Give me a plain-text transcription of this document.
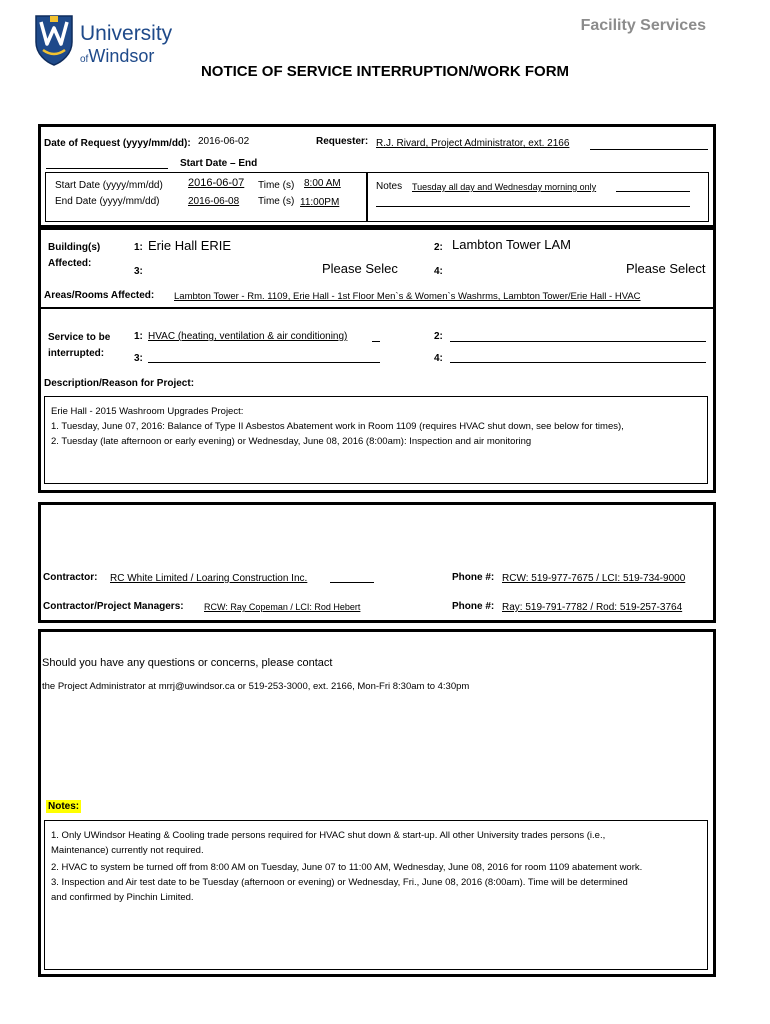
University
ofWindsor
Facility Services
NOTICE OF SERVICE INTERRUPTION/WORK FORM
Date of Request (yyyy/mm/dd): 2016-06-02	Requester: R.J. Rivard, Project Administrator, ext. 2166
Start Date – End
Start Date (yyyy/mm/dd) 2016-06-07 Time (s) 8:00 AM
End Date (yyyy/mm/dd)	2016-06-08 Time (s) 11:00PM
Notes Tuesday all day and Wednesday morning only
Building(s)
Affected:
1: Erie Hall ERIE	2: Lambton Tower LAM
3:	Please Selec	4:	Please Select
Areas/Rooms Affected: Lambton Tower - Rm. 1109, Erie Hall - 1st Floor Men`s & Women`s Washrms, Lambton Tower/Erie Hall - HVAC
Service to be
interrupted:
1: HVAC (heating, ventilation & air conditioning)	2:
3:	4:
Description/Reason for Project:
Erie Hall - 2015 Washroom Upgrades Project:
1. Tuesday, June 07, 2016: Balance of Type II Asbestos Abatement work in Room 1109 (requires HVAC shut down, see below for times),
2. Tuesday (late afternoon or early evening) or Wednesday, June 08, 2016 (8:00am): Inspection and air monitoring
Contractor: RC White Limited / Loaring Construction Inc.	Phone #: RCW: 519-977-7675 / LCI: 519-734-9000
Contractor/Project Managers: RCW: Ray Copeman / LCI: Rod Hebert	Phone #: Ray: 519-791-7782 / Rod: 519-257-3764
Should you have any questions or concerns, please contact
the Project Administrator at mrrj@uwindsor.ca or 519-253-3000, ext. 2166, Mon-Fri 8:30am to 4:30pm
Notes:
1. Only UWindsor Heating & Cooling trade persons required for HVAC shut down & start-up. All other University trades persons (i.e.,
Maintenance) currently not required.
2. HVAC to system be turned off from 8:00 AM on Tuesday, June 07 to 11:00 AM, Wednesday, June 08, 2016 for room 1109 abatement work.
3. Inspection and Air test date to be Tuesday (afternoon or evening) or Wednesday, Fri., June 08, 2016 (8:00am). Time will be determined
and confirmed by Pinchin Limited.
